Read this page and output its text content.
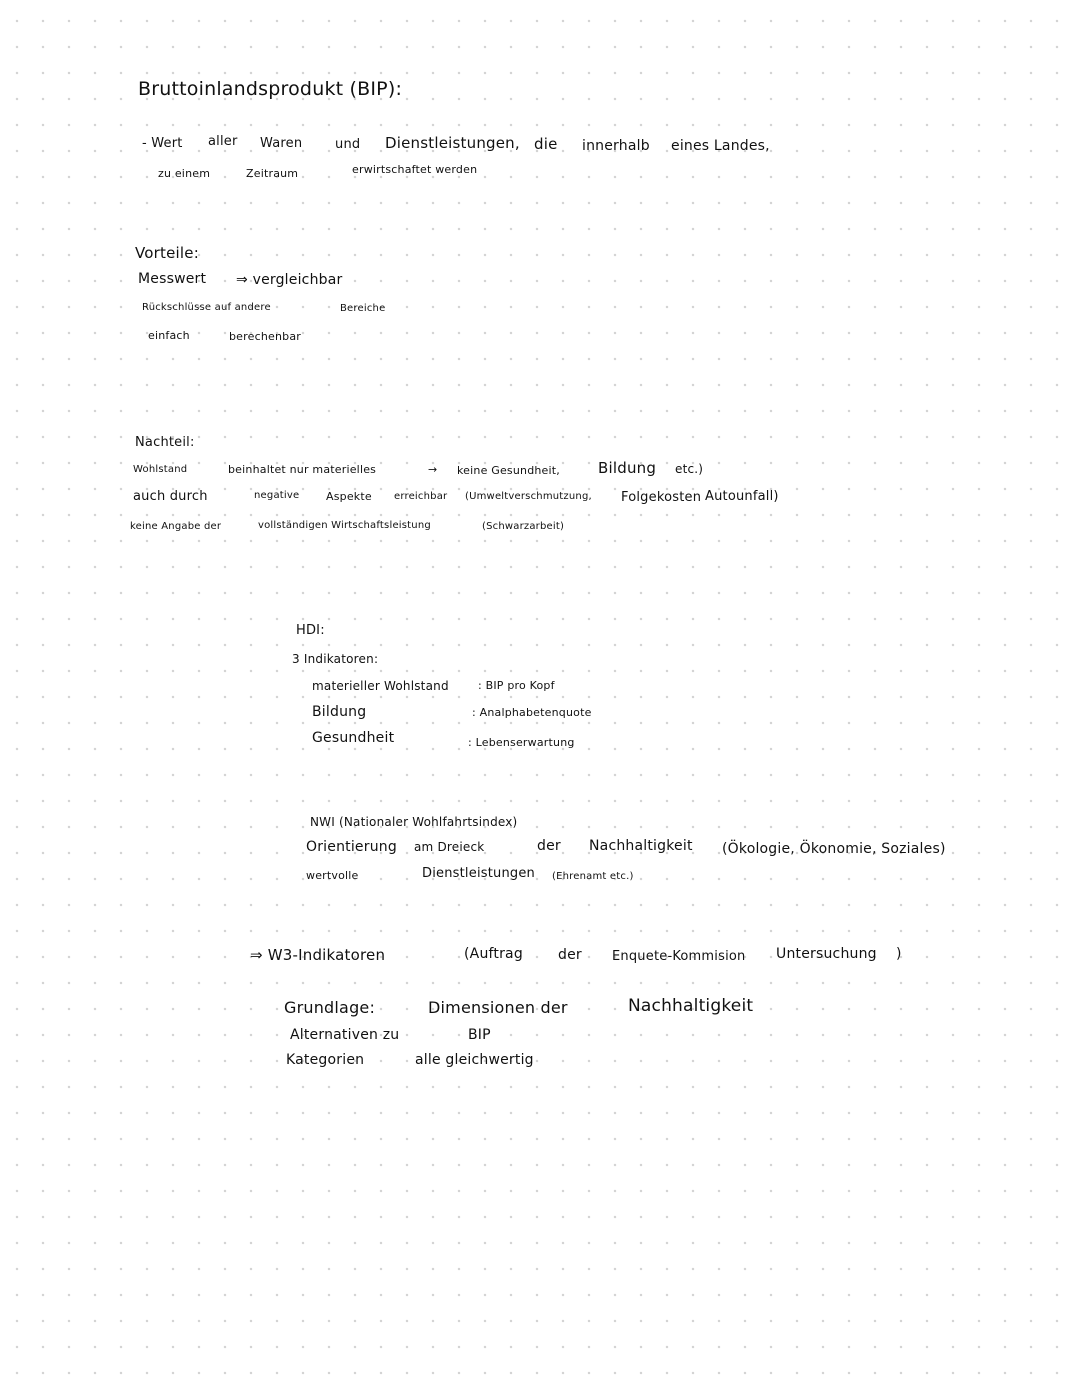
Bruttoinlandsprodukt (BIP):
- Wert aller Waren	und Dienstleistungen, die innerhalb eines Landes,
zu einem	Zeitraum	erwirtschaftet werden
Vorteile:
Messwert ⇒ vergleichbar
Rückschlüsse auf andere	Bereiche
einfach	berechenbar
Nachteil:
Wohlstand	beinhaltet nur materielles	→ keine Gesundheit,	Bildung etc.)
auch durch	negative Aspekte erreichbar (Umweltverschmutzung, Folgekosten Autounfall)
keine Angabe der	vollständigen Wirtschaftsleistung	(Schwarzarbeit)
HDI:
3 Indikatoren:
materieller Wohlstand	: BIP pro Kopf
Bildung	: Analphabetenquote
Gesundheit	: Lebenserwartung
NWI (Nationaler Wohlfahrtsindex)
Orientierung am Dreieck	der Nachhaltigkeit (Ökologie, Ökonomie, Soziales)
wertvolle	Dienstleistungen (Ehrenamt etc.)
⇒ W3-Indikatoren	(Auftrag	der Enquete-Kommision Untersuchung )
Grundlage:	Dimensionen der	Nachhaltigkeit
Alternativen zu	BIP
Kategorien	alle gleichwertig
